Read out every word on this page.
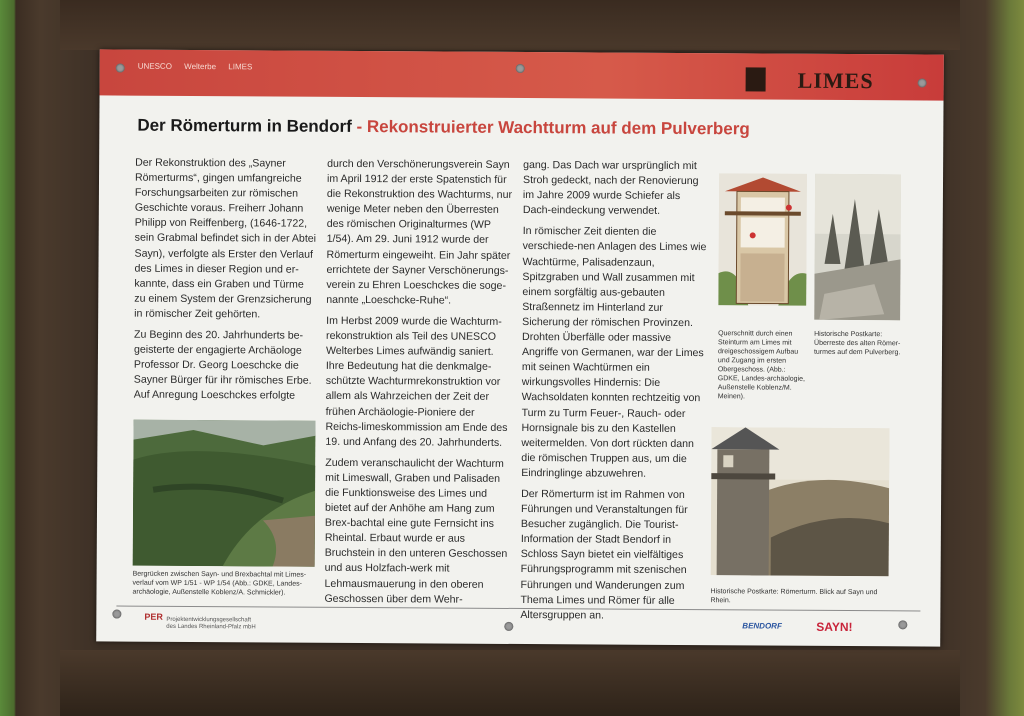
UNESCO Welterbe LIMES
LIMES
Der Römerturm in Bendorf - Rekonstruierter Wachtturm auf dem Pulverberg

Der Rekonstruktion des „Sayner Römerturms“, gingen umfangreiche Forschungsarbeiten zur römischen Geschichte voraus. Freiherr Johann Philipp von Reiffenberg, (1646-1722, sein Grabmal befindet sich in der Abtei Sayn), verfolgte als Erster den Verlauf des Limes in dieser Region und er-kannte, dass ein Graben und Türme zu einem System der Grenzsicherung in römischer Zeit gehörten.

Zu Beginn des 20. Jahrhunderts be-geisterte der engagierte Archäologe Professor Dr. Georg Loeschcke die Sayner Bürger für ihr römisches Erbe. Auf Anregung Loeschckes erfolgte

durch den Verschönerungsverein Sayn im April 1912 der erste Spatenstich für die Rekonstruktion des Wachturms, nur wenige Meter neben den Überresten des römischen Originalturmes (WP 1/54). Am 29. Juni 1912 wurde der Römerturm eingeweiht. Ein Jahr später errichtete der Sayner Verschönerungs-verein zu Ehren Loeschckes die soge-nannte „Loeschcke-Ruhe“.

Im Herbst 2009 wurde die Wachturm-rekonstruktion als Teil des UNESCO Welterbes Limes aufwändig saniert. Ihre Bedeutung hat die denkmalge-schützte Wachturmrekonstruktion vor allem als Wahrzeichen der Zeit der frühen Archäologie-Pioniere der Reichs-limeskommission am Ende des 19. und Anfang des 20. Jahrhunderts.

Zudem veranschaulicht der Wachturm mit Limeswall, Graben und Palisaden die Funktionsweise des Limes und bietet auf der Anhöhe am Hang zum Brex-bachtal eine gute Fernsicht ins Rheintal. Erbaut wurde er aus Bruchstein in den unteren Geschossen und aus Holzfach-werk mit Lehmausmauerung in den oberen Geschossen über dem Wehr-

gang. Das Dach war ursprünglich mit Stroh gedeckt, nach der Renovierung im Jahre 2009 wurde Schiefer als Dach-eindeckung verwendet.

In römischer Zeit dienten die verschiede-nen Anlagen des Limes wie Wachtürme, Palisadenzaun, Spitzgraben und Wall zusammen mit einem sorgfältig aus-gebauten Straßennetz im Hinterland zur Sicherung der römischen Provinzen. Drohten Überfälle oder massive Angriffe von Germanen, war der Limes mit seinen Wachtürmen ein wirkungsvolles Hindernis: Die Wachsoldaten konnten rechtzeitig von Turm zu Turm Feuer-, Rauch- oder Hornsignale bis zu den Kastellen weitermelden. Von dort rückten dann die römischen Truppen aus, um die Eindringlinge abzuwehren.

Der Römerturm ist im Rahmen von Führungen und Veranstaltungen für Besucher zugänglich. Die Tourist-Information der Stadt Bendorf in Schloss Sayn bietet ein vielfältiges Führungsprogramm mit szenischen Führungen und Wanderungen zum Thema Limes und Römer für alle Altersgruppen an.

Bergrücken zwischen Sayn- und Brexbachtal mit Limes-verlauf vom WP 1/51 - WP 1/54 (Abb.: GDKE, Landes-archäologie, Außenstelle Koblenz/A. Schmickler).
Querschnitt durch einen Steinturm am Limes mit dreigeschossigem Aufbau und Zugang im ersten Obergeschoss. (Abb.: GDKE, Landes-archäologie, Außenstelle Koblenz/M. Meinen).
Historische Postkarte: Überreste des alten Römer-turmes auf dem Pulverberg.
Historische Postkarte: Römerturm. Blick auf Sayn und Rhein.
PER Projektentwicklungsgesellschaft
des Landes Rheinland-Pfalz mbH	BENDORF	SAYN!
